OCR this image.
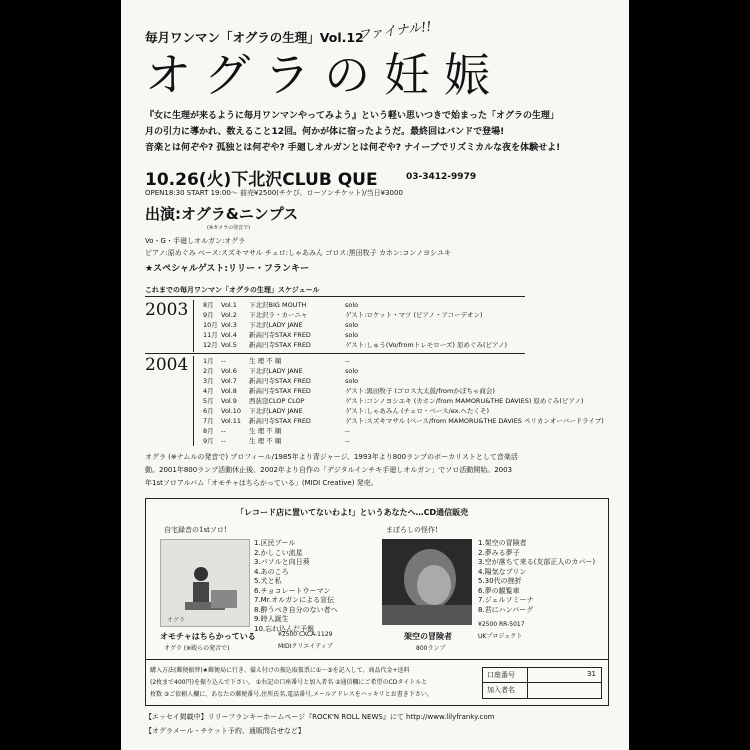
毎月ワンマン「オグラの生理」Vol.12
ファイナル!!
オグラの妊娠
『女に生理が来るように毎月ワンマンやってみよう』という軽い思いつきで始まった「オグラの生理」
月の引力に導かれ、数えること12回。何かが体に宿ったようだ。最終回はバンドで登場!
音楽とは何ぞや? 孤独とは何ぞや? 手廻しオルガンとは何ぞや? ナイーブでリズミカルな夜を体験せよ!
10.26(火)下北沢CLUB QUE	03-3412-9979
OPEN18:30 START 19:00〜 前売¥2500(チケぴ、ローソンチケット)/当日¥3000
出演:オグラ&ニンプス
(※ガメラの発音で)
Vo・G・手廻しオルガン:オグラ
ピアノ:原めぐみ ベース:スズキマサル チェロ:しゃあみん ゴロス:黒田牧子 カホン:コンノヨシユキ
★スペシャルゲスト:リリー・フランキー
これまでの毎月ワンマン「オグラの生理」スケジュール
2003 8月 Vol.1 下北沢BIG MOUTH	solo
9月 Vol.2 下北沢ラ・カーニャ	ゲスト:ロケット・マツ (ピアノ・アコーデオン)
10月 Vol.3 下北沢LADY JANE	solo
11月 Vol.4 新高円寺STAX FRED	solo
12月 Vol.5 新高円寺STAX FRED	ゲスト:しゅう(Vo/fromトレモローズ) 原めぐみ(ピアノ)
2004 1月 --	生 理 不 順	--
2月 Vol.6 下北沢LADY JANE	solo
3月 Vol.7 新高円寺STAX FRED	solo
4月 Vol.8 新高円寺STAX FRED	ゲスト:黒田牧子 (ゴロス大太鼓/fromかぼちゃ商会)
5月 Vol.9 西荻窪CLOP CLOP	ゲスト:コンノヨシユキ (カホン/from MAMORU&THE DAVIES) 原めぐみ(ピアノ)
6月 Vol.10 下北沢LADY JANE	ゲスト:しゃあみん (チェロ・ベース/ex.へたくそ)
7月 Vol.11 新高円寺STAX FRED	ゲスト:スズキマサル (ベース/from MAMORU&THE DAVIES ペリカンオーバードライブ)
8月 --	生 理 不 順	--
9月 --	生 理 不 順	--
オグラ (※ナムルの発音で) プロフィール/1985年より青ジャージ、1993年より800ランプのボーカリストとして音楽活
動。2001年800ランプ活動休止後、2002年より自作の「デジタルインチキ手廻しオルガン」でソロ活動開始。2003
年1stソロアルバム「オモチャはちらかっている」(MIDI Creative) 発売。
「レコード店に置いてないわよ!」というあなたへ…CD通信販売
自宅録音の1stソロ!
オグラ
1.区民プール
2.かしこい流星
3.パソルと向日葵
4.あのころ
5.犬と私
6.チョコレートウーマン
7.Mr.オルガンによる宣伝
8.酔うべき自分のない者へ
9.時人誕生
10.忘れ込んだ予報
オモチャはちらかっている
オグラ (※殿らの発音で)
¥2500 CXCA-1129
MIDIクリエイティブ
まぼろしの怪作!
1.架空の冒険者
2.夢みる夢子
3.空が落ちて来る(友部正人のカバー)
4.陽気なプリン
5.30代の挫折
6.夢の観覧車
7.ジェルソミーナ
8.君にハンバーグ
架空の冒険者
800ランプ
¥2500 RR-5017
UKプロジェクト
購入方法(郵便振替)★郵便局に行き、備え付けの振込取扱票に①〜③を記入して、商品代金+送料
(2枚まで400円)を振り込んで下さい。 ①右記の口座番号と加入者名 ②通信欄にご希望のCDタイトルと
枚数 ③ご依頼人欄に、あなたの郵便番号,住所氏名,電話番号,メールアドレスをハッキリとお書き下さい。
口座番号	31
加入者名
【エッセイ掲載中】リリーフランキーホームページ『ROCK'N ROLL NEWS』にて http://www.lilyfranky.com
【オグラメール・チケット予約、通販問合せなど】
